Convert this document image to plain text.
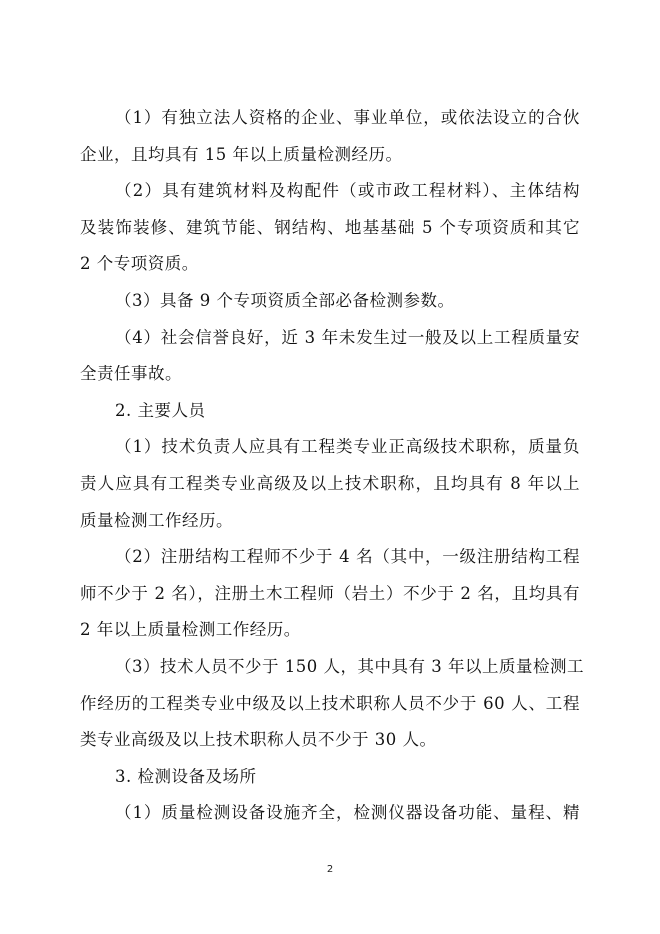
（1）有独立法人资格的企业、事业单位，或依法设立的合伙
企业，且均具有 15 年以上质量检测经历。
（2）具有建筑材料及构配件（或市政工程材料）、主体结构
及装饰装修、建筑节能、钢结构、地基基础 5 个专项资质和其它
2 个专项资质。
（3）具备 9 个专项资质全部必备检测参数。
（4）社会信誉良好，近 3 年未发生过一般及以上工程质量安
全责任事故。
2. 主要人员
（1）技术负责人应具有工程类专业正高级技术职称，质量负
责人应具有工程类专业高级及以上技术职称，且均具有 8 年以上
质量检测工作经历。
（2）注册结构工程师不少于 4 名（其中，一级注册结构工程
师不少于 2 名），注册土木工程师（岩土）不少于 2 名，且均具有
2 年以上质量检测工作经历。
（3）技术人员不少于 150 人，其中具有 3 年以上质量检测工
作经历的工程类专业中级及以上技术职称人员不少于 60 人、工程
类专业高级及以上技术职称人员不少于 30 人。
3. 检测设备及场所
（1）质量检测设备设施齐全，检测仪器设备功能、量程、精
2
